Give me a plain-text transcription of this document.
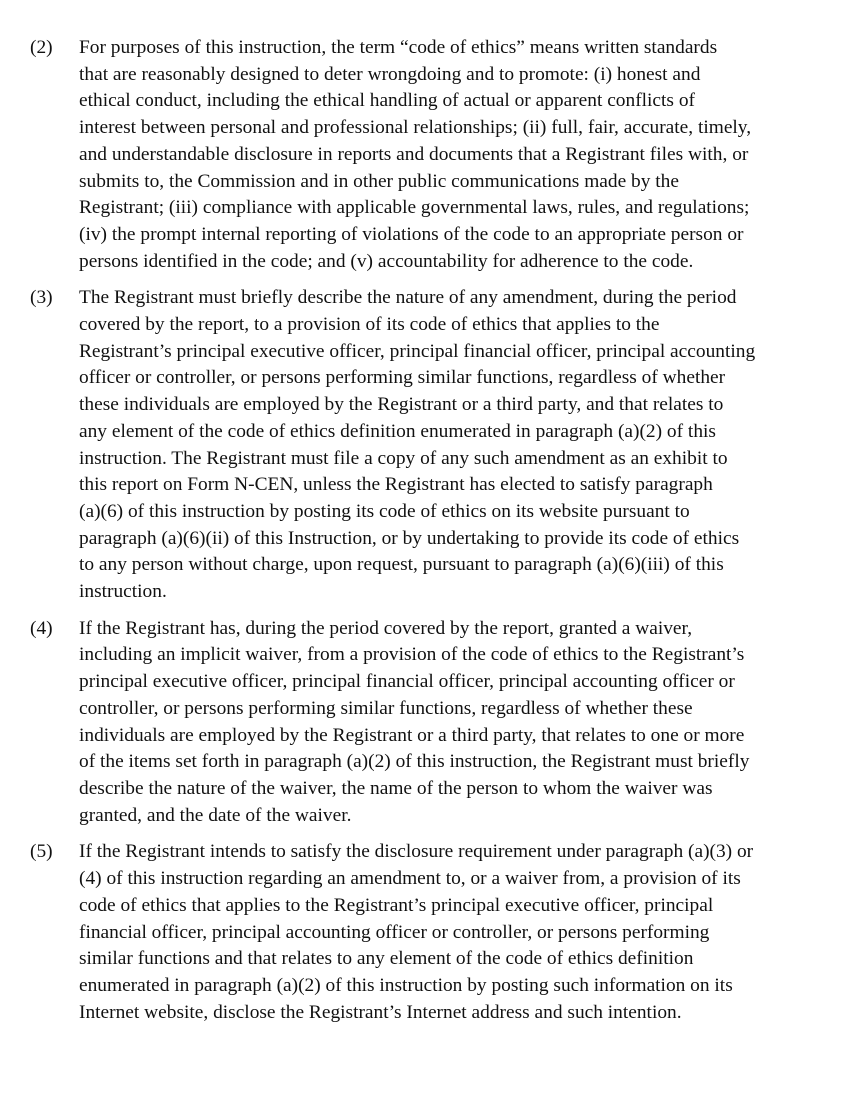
(2)	For purposes of this instruction, the term “code of ethics” means written standards
that are reasonably designed to deter wrongdoing and to promote: (i) honest and
ethical conduct, including the ethical handling of actual or apparent conflicts of
interest between personal and professional relationships; (ii) full, fair, accurate, timely,
and understandable disclosure in reports and documents that a Registrant files with, or
submits to, the Commission and in other public communications made by the
Registrant; (iii) compliance with applicable governmental laws, rules, and regulations;
(iv) the prompt internal reporting of violations of the code to an appropriate person or
persons identified in the code; and (v) accountability for adherence to the code.

(3)	The Registrant must briefly describe the nature of any amendment, during the period
covered by the report, to a provision of its code of ethics that applies to the
Registrant’s principal executive officer, principal financial officer, principal accounting
officer or controller, or persons performing similar functions, regardless of whether
these individuals are employed by the Registrant or a third party, and that relates to
any element of the code of ethics definition enumerated in paragraph (a)(2) of this
instruction. The Registrant must file a copy of any such amendment as an exhibit to
this report on Form N-CEN, unless the Registrant has elected to satisfy paragraph
(a)(6) of this instruction by posting its code of ethics on its website pursuant to
paragraph (a)(6)(ii) of this Instruction, or by undertaking to provide its code of ethics
to any person without charge, upon request, pursuant to paragraph (a)(6)(iii) of this
instruction.

(4)	If the Registrant has, during the period covered by the report, granted a waiver,
including an implicit waiver, from a provision of the code of ethics to the Registrant’s
principal executive officer, principal financial officer, principal accounting officer or
controller, or persons performing similar functions, regardless of whether these
individuals are employed by the Registrant or a third party, that relates to one or more
of the items set forth in paragraph (a)(2) of this instruction, the Registrant must briefly
describe the nature of the waiver, the name of the person to whom the waiver was
granted, and the date of the waiver.

(5)	If the Registrant intends to satisfy the disclosure requirement under paragraph (a)(3) or
(4) of this instruction regarding an amendment to, or a waiver from, a provision of its
code of ethics that applies to the Registrant’s principal executive officer, principal
financial officer, principal accounting officer or controller, or persons performing
similar functions and that relates to any element of the code of ethics definition
enumerated in paragraph (a)(2) of this instruction by posting such information on its
Internet website, disclose the Registrant’s Internet address and such intention.
